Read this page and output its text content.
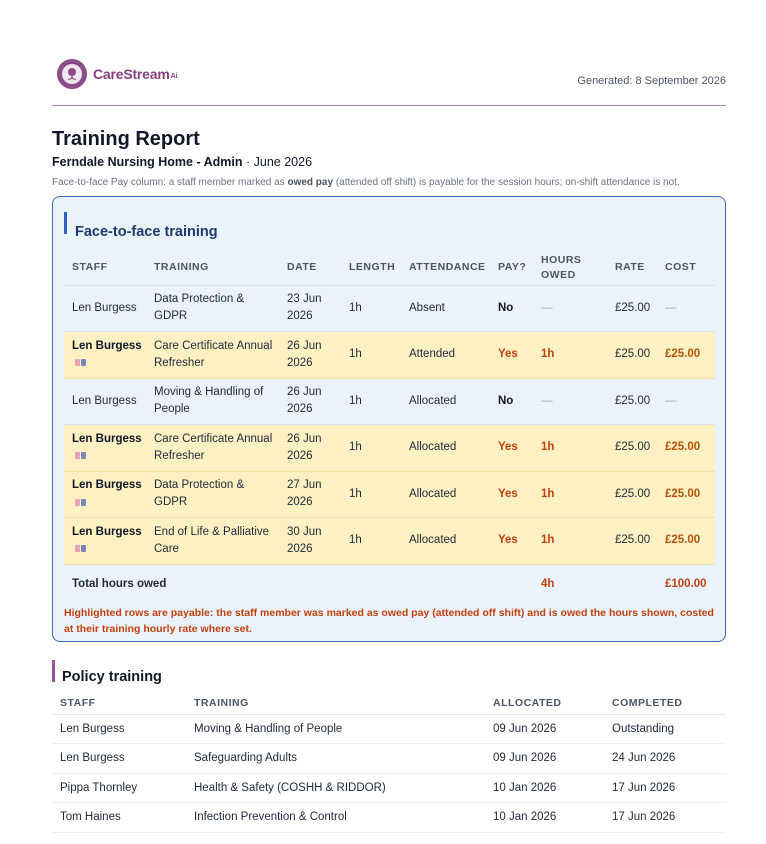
CareStream Ai	Generated: 8 September 2026
Training Report
Ferndale Nursing Home - Admin · June 2026
Face-to-face Pay column: a staff member marked as owed pay (attended off shift) is payable for the session hours; on-shift attendance is not.
Face-to-face training
STAFF	TRAINING	DATE	LENGTH	ATTENDANCE	PAY?	HOURS OWED	RATE	COST
Len Burgess	Data Protection & GDPR	23 Jun 2026	1h	Absent	No	—	£25.00	—
Len Burgess	Care Certificate Annual Refresher	26 Jun 2026	1h	Attended	Yes	1h	£25.00	£25.00
Len Burgess	Moving & Handling of People	26 Jun 2026	1h	Allocated	No	—	£25.00	—
Len Burgess	Care Certificate Annual Refresher	26 Jun 2026	1h	Allocated	Yes	1h	£25.00	£25.00
Len Burgess	Data Protection & GDPR	27 Jun 2026	1h	Allocated	Yes	1h	£25.00	£25.00
Len Burgess	End of Life & Palliative Care	30 Jun 2026	1h	Allocated	Yes	1h	£25.00	£25.00
Total hours owed						4h		£100.00
Highlighted rows are payable: the staff member was marked as owed pay (attended off shift) and is owed the hours shown, costed at their training hourly rate where set.
Policy training
STAFF	TRAINING	ALLOCATED	COMPLETED
Len Burgess	Moving & Handling of People	09 Jun 2026	Outstanding
Len Burgess	Safeguarding Adults	09 Jun 2026	24 Jun 2026
Pippa Thornley	Health & Safety (COSHH & RIDDOR)	10 Jan 2026	17 Jun 2026
Tom Haines	Infection Prevention & Control	10 Jan 2026	17 Jun 2026
